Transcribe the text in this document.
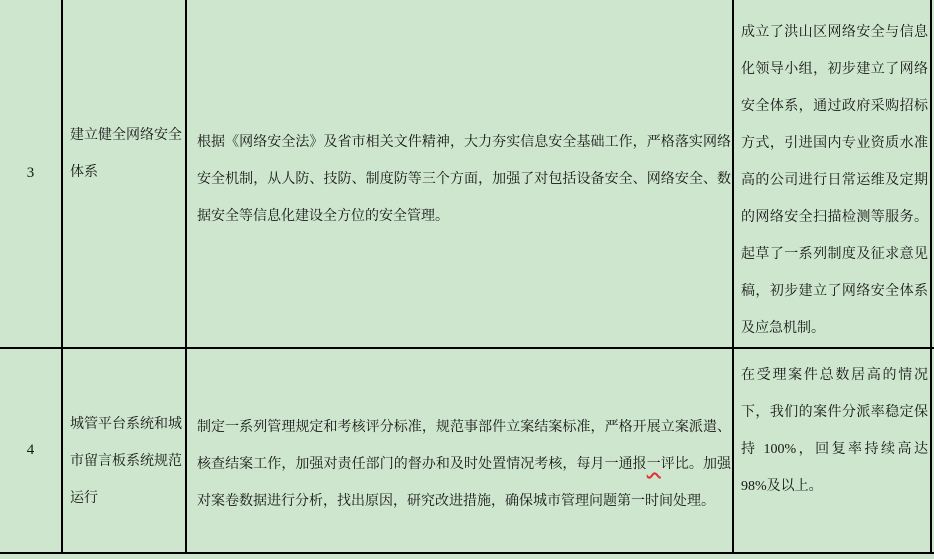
3
建立健全网络安全体系
根据《网络安全法》及省市相关文件精神，大力夯实信息安全基础工作，严格落实网络安全机制，从人防、技防、制度防等三个方面，加强了对包括设备安全、网络安全、数据安全等信息化建设全方位的安全管理。
成立了洪山区网络安全与信息化领导小组，初步建立了网络安全体系，通过政府采购招标方式，引进国内专业资质水准高的公司进行日常运维及定期的网络安全扫描检测等服务。起草了一系列制度及征求意见稿，初步建立了网络安全体系及应急机制。
4
城管平台系统和城市留言板系统规范运行
制定一系列管理规定和考核评分标准，规范事部件立案结案标准，严格开展立案派遣、核查结案工作，加强对责任部门的督办和及时处置情况考核，每月一通报一评比。加强对案卷数据进行分析，找出原因，研究改进措施，确保城市管理问题第一时间处理。
在受理案件总数居高的情况下，我们的案件分派率稳定保持 100%，回复率持续高达 98%及以上。
